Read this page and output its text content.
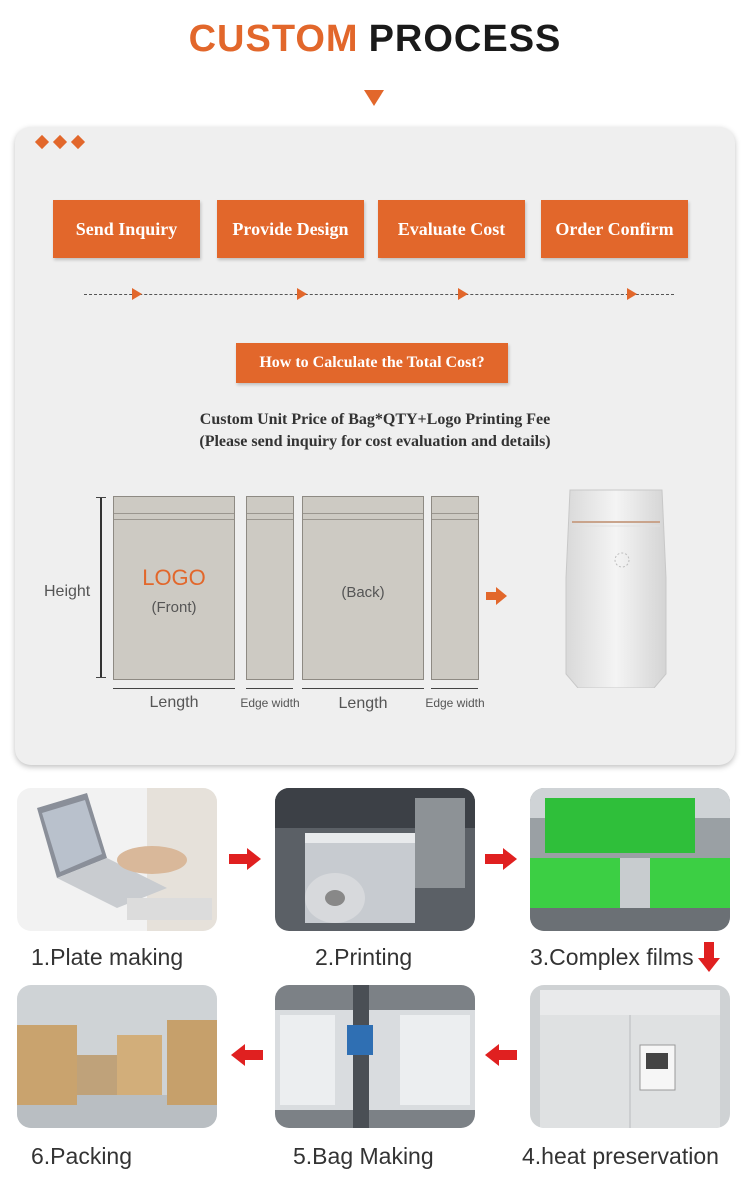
CUSTOM PROCESS
Send Inquiry	Provide Design	Evaluate Cost	Order Confirm
How to Calculate the Total Cost?
Custom Unit Price of Bag*QTY+Logo Printing Fee
(Please send inquiry for cost evaluation and details)
Height
LOGO
(Front)
(Back)
Length	Edge width	Length	Edge width
1.Plate making	2.Printing	3.Complex films
4.heat preservation
5.Bag Making
6.Packing
